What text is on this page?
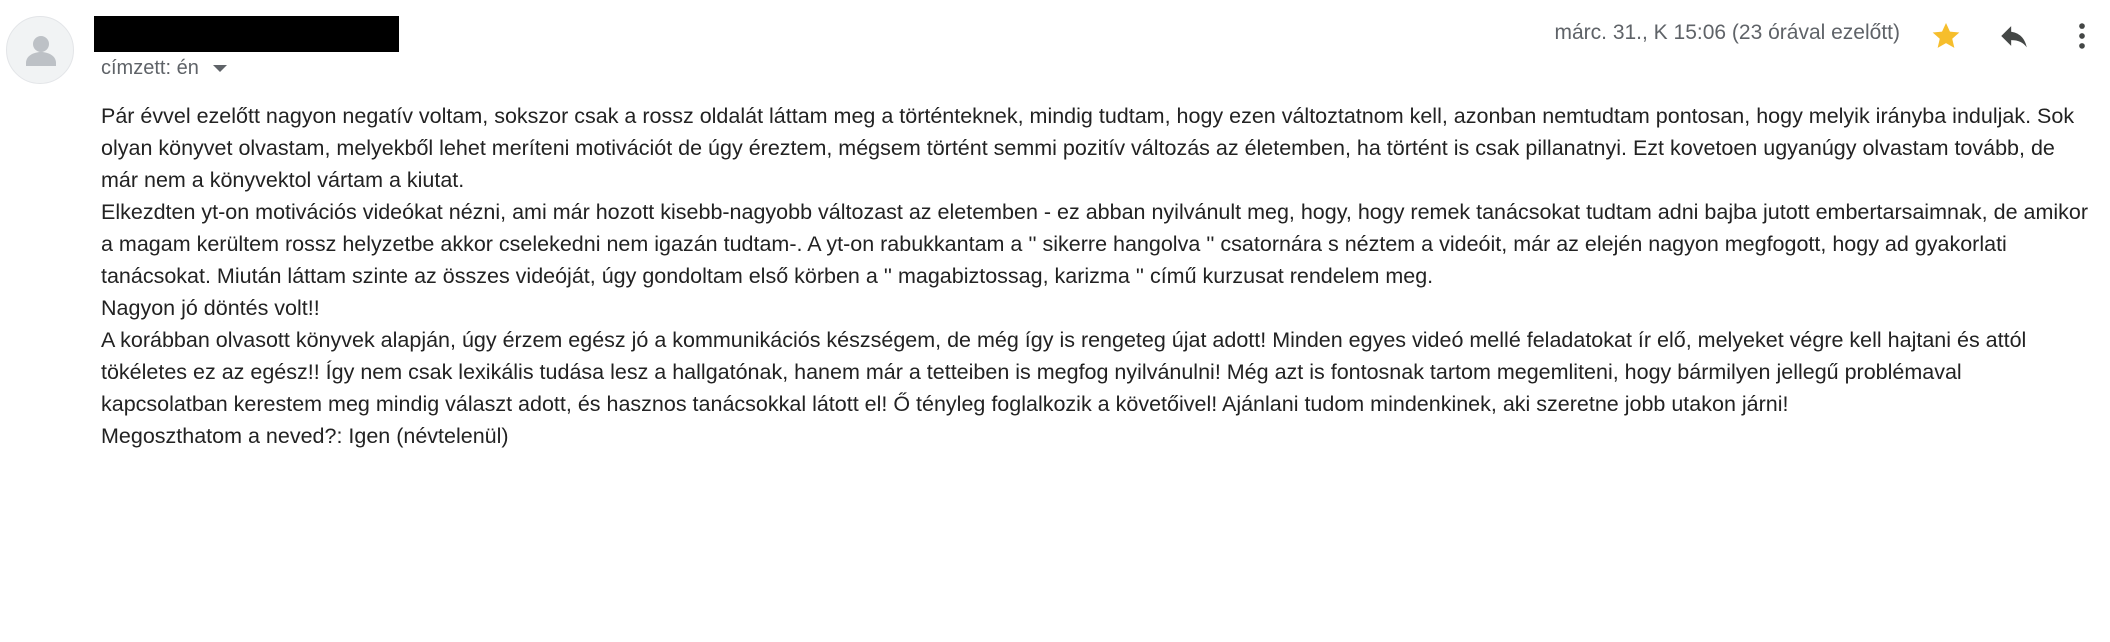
címzett: én
márc. 31., K 15:06 (23 órával ezelőtt)

Pár évvel ezelőtt nagyon negatív voltam, sokszor csak a rossz oldalát láttam meg a történteknek, mindig tudtam, hogy ezen változtatnom kell, azonban nemtudtam pontosan, hogy melyik irányba induljak. Sok olyan könyvet olvastam, melyekből lehet meríteni motivációt de úgy éreztem, mégsem történt semmi pozitív változás az életemben, ha történt is csak pillanatnyi. Ezt kovetoen ugyanúgy olvastam tovább, de már nem a könyvektol vártam a kiutat.

Elkezdten yt-on motivációs videókat nézni, ami már hozott kisebb-nagyobb változast az eletemben - ez abban nyilvánult meg, hogy, hogy remek tanácsokat tudtam adni bajba jutott embertarsaimnak, de amikor a magam kerültem rossz helyzetbe akkor cselekedni nem igazán tudtam-. A yt-on rabukkantam a '' sikerre hangolva '' csatornára s néztem a videóit, már az elején nagyon megfogott, hogy ad gyakorlati tanácsokat. Miután láttam szinte az összes videóját, úgy gondoltam első körben a '' magabiztossag, karizma '' című kurzusat rendelem meg.

Nagyon jó döntés volt!!

A korábban olvasott könyvek alapján, úgy érzem egész jó a kommunikációs készségem, de még így is rengeteg újat adott! Minden egyes videó mellé feladatokat ír elő, melyeket végre kell hajtani és attól tökéletes ez az egész!! Így nem csak lexikális tudása lesz a hallgatónak, hanem már a tetteiben is megfog nyilvánulni! Még azt is fontosnak tartom megemliteni, hogy bármilyen jellegű problémaval kapcsolatban kerestem meg mindig választ adott, és hasznos tanácsokkal látott el! Ő tényleg foglalkozik a követőivel! Ajánlani tudom mindenkinek, aki szeretne jobb utakon járni!

Megoszthatom a neved?: Igen (névtelenül)
